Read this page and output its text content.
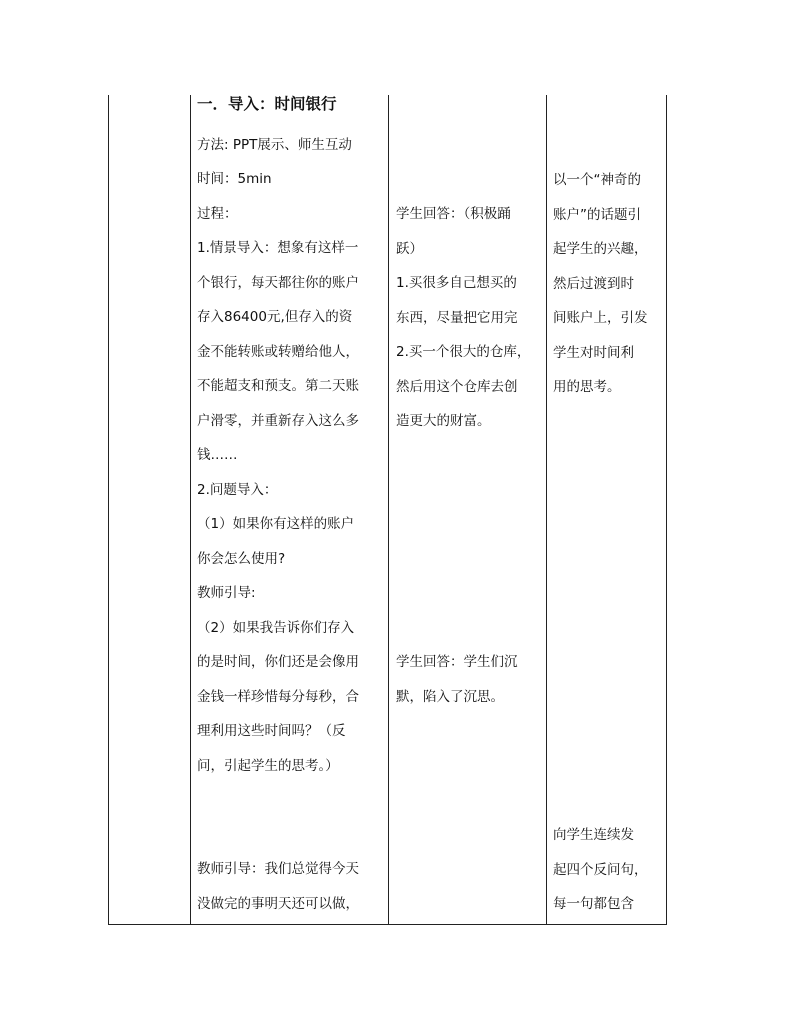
一．导入：时间银行
方法: PPT展示、师生互动
时间：5min
过程：
1.情景导入：想象有这样一
个银行，每天都往你的账户
存入86400元,但存入的资
金不能转账或转赠给他人，
不能超支和预支。第二天账
户滑零，并重新存入这么多
钱……
2.问题导入：
（1）如果你有这样的账户
你会怎么使用?
教师引导:
（2）如果我告诉你们存入
的是时间，你们还是会像用
金钱一样珍惜每分每秒，合
理利用这些时间吗？（反
问，引起学生的思考。）
教师引导：我们总觉得今天
没做完的事明天还可以做，
学生回答：（积极踊
跃）
1.买很多自己想买的
东西，尽量把它用完
2.买一个很大的仓库，
然后用这个仓库去创
造更大的财富。
学生回答：学生们沉
默，陷入了沉思。
以一个“神奇的
账户”的话题引
起学生的兴趣，
然后过渡到时
间账户上，引发
学生对时间利
用的思考。
向学生连续发
起四个反问句，
每一句都包含
